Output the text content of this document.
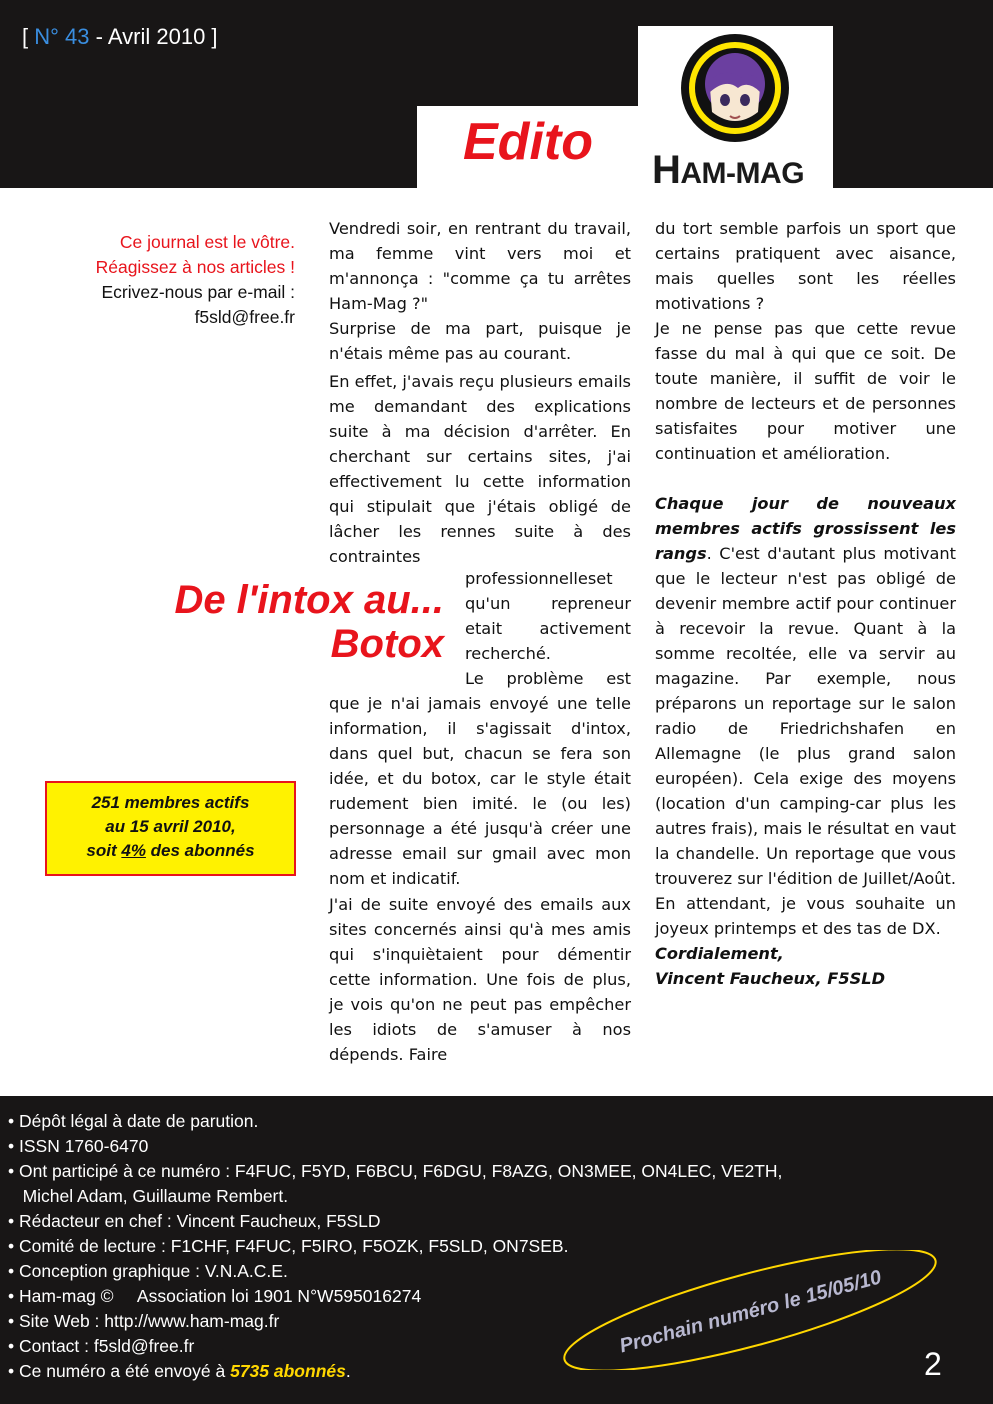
[ N° 43 - Avril 2010 ]
Edito	HAM-MAG
Ce journal est le vôtre.
Réagissez à nos articles !
Ecrivez-nous par e-mail :
f5sld@free.fr
De l'intox au...
Botox
251 membres actifs
au 15 avril 2010,
soit 4% des abonnés

Vendredi soir, en rentrant du travail, ma femme vint vers moi et m'annonça : "comme ça tu arrêtes Ham-Mag ?"

Surprise de ma part, puisque je n'étais même pas au courant.

En effet, j'avais reçu plusieurs emails me demandant des explications suite à ma décision d'arrêter. En cherchant sur certains sites, j'ai effectivement lu cette information qui stipulait que j'étais obligé de lâcher les rennes suite à des contraintes

professionnelleset qu'un repreneur etait activement recherché.

Le problème est

que je n'ai jamais envoyé une telle information, il s'agissait d'intox, dans quel but, chacun se fera son idée, et du botox, car le style était rudement bien imité. le (ou les) personnage a été jusqu'à créer une adresse email sur gmail avec mon nom et indicatif.

J'ai de suite envoyé des emails aux sites concernés ainsi qu'à mes amis qui s'inquiètaient pour démentir cette information. Une fois de plus, je vois qu'on ne peut pas empêcher les idiots de s'amuser à nos dépends. Faire

du tort semble parfois un sport que certains pratiquent avec aisance, mais quelles sont les réelles motivations ?

Je ne pense pas que cette revue fasse du mal à qui que ce soit. De toute manière, il suffit de voir le nombre de lecteurs et de personnes satisfaites pour motiver une continuation et amélioration.

Chaque jour de nouveaux membres actifs grossissent les rangs. C'est d'autant plus motivant que le lecteur n'est pas obligé de devenir membre actif pour continuer à recevoir la revue. Quant à la somme recoltée, elle va servir au magazine. Par exemple, nous préparons un reportage sur le salon radio de Friedrichshafen en Allemagne (le plus grand salon européen). Cela exige des moyens (location d'un camping-car plus les autres frais), mais le résultat en vaut la chandelle. Un reportage que vous trouverez sur l'édition de Juillet/Août. En attendant, je vous souhaite un joyeux printemps et des tas de DX.

Cordialement,

Vincent Faucheux, F5SLD

• Dépôt légal à date de parution.
• ISSN 1760-6470
• Ont participé à ce numéro : F4FUC, F5YD, F6BCU, F6DGU, F8AZG, ON3MEE, ON4LEC, VE2TH,
Michel Adam, Guillaume Rembert.
• Rédacteur en chef : Vincent Faucheux, F5SLD
• Comité de lecture : F1CHF, F4FUC, F5IRO, F5OZK, F5SLD, ON7SEB.
• Conception graphique : V.N.A.C.E.
• Ham-mag ©     Association loi 1901 N°W595016274
• Site Web : http://www.ham-mag.fr
• Contact : f5sld@free.fr
• Ce numéro a été envoyé à 5735 abonnés.
Prochain numéro le 15/05/10
2
